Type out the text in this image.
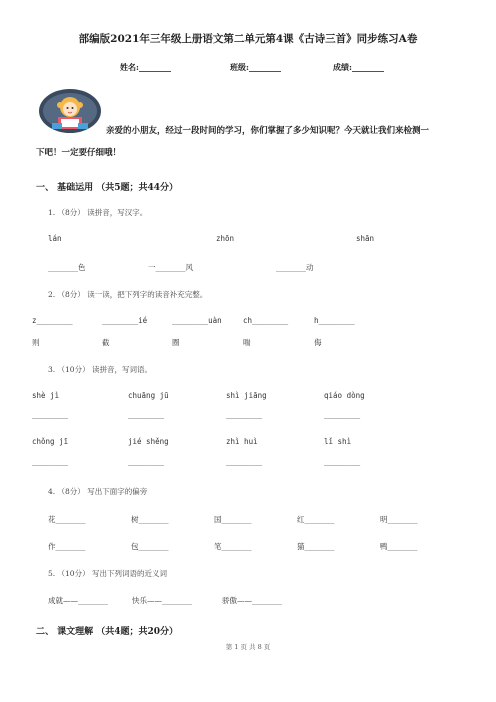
部编版2021年三年级上册语文第二单元第4课《古诗三首》同步练习A卷
姓名:________	班级:________	成绩:________
亲爱的小朋友，经过一段时间的学习，你们掌握了多少知识呢？今天就让我们来检测一
下吧！一定要仔细哦！
一、 基础运用 （共5题；共44分）
1. （8分） 读拼音，写汉字。
lán	zhōn	shān
________色	一________风	________动
2. （8分） 读一读，把下列字的读音补充完整。
z________	________ié	________uàn	ch________	h________
则	截	圈	喘	侮
3. （10分） 读拼音，写词语。
shè jì	chuāng jū	shì jiāng	qiáo dòng
________	________	________	________
chǒng jī	jié shěng	zhì huì	lǐ shì
________	________	________	________
4. （8分） 写出下面字的偏旁
花________	树________	国________	红________	明________
作________	包________	笔________	猫________	鸭________
5. （10分） 写出下列词语的近义词
成就——________	快乐——________	骄傲——________
二、 课文理解 （共4题；共20分）
第 1 页 共 8 页
